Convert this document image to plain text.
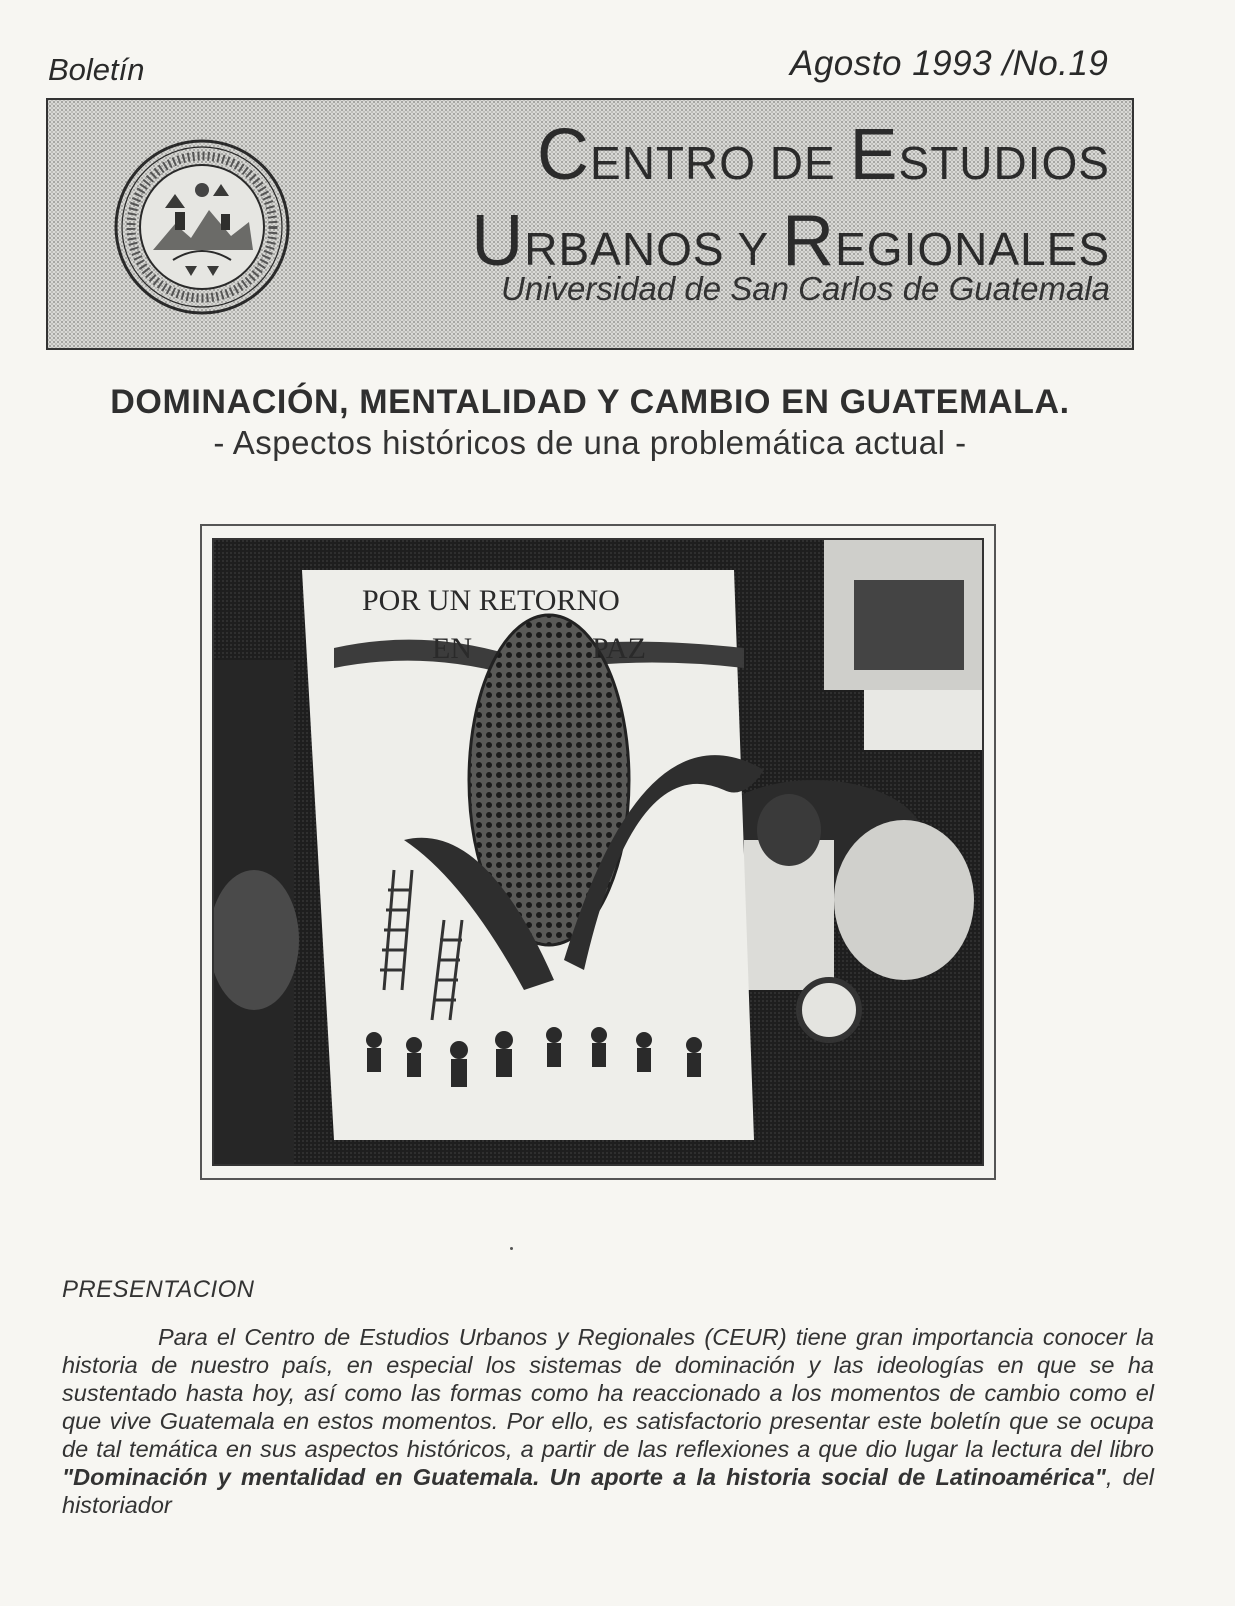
Boletín	Agosto 1993 /No.19
CENTRO DE ESTUDIOS
URBANOS Y REGIONALES
Universidad de San Carlos de Guatemala
DOMINACIÓN, MENTALIDAD Y CAMBIO EN GUATEMALA.
- Aspectos históricos de una problemática actual -
POR UN RETORNO
EN	PAZ
PRESENTACION
Para el Centro de Estudios Urbanos y Regionales (CEUR) tiene gran importancia conocer la historia de nuestro país, en especial los sistemas de dominación y las ideologías en que se ha sustentado hasta hoy, así como las formas como ha reaccionado a los momentos de cambio como el que vive Guatemala en estos momentos. Por ello, es satisfactorio presentar este boletín que se ocupa de tal temática en sus aspectos históricos, a partir de las reflexiones a que dio lugar la lectura del libro "Dominación y mentalidad en Guatemala. Un aporte a la historia social de Latinoamérica", del historiador
